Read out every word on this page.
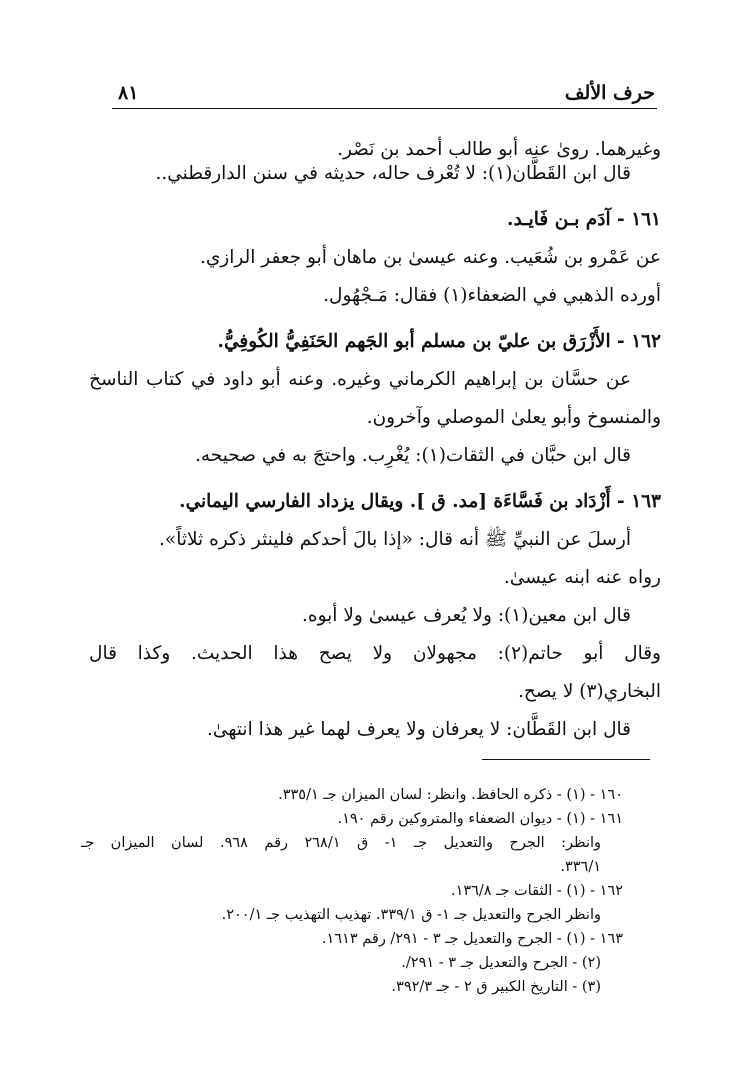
حرف الألف
٨١
وغيرهما. روىٰ عنه أبو طالب أحمد بن نَصْر.
قال ابن القَطَّان(١): لا تُعْرف حاله، حديثه في سنن الدارقطني..
١٦١ - آدَم بـن فَايـد.
عن عَمْرو بن شُعَيب. وعنه عيسىٰ بن ماهان أبو جعفر الرازي.
أورده الذهبي في الضعفاء(١) فقال: مَـجْهُول.
١٦٢ - الأَزْرَق بن عليّ بن مسلم أبو الجَهم الحَنَفِيُّ الكُوفِيُّ.
عن حسَّان بن إبراهيم الكرماني وغيره. وعنه أبو داود في كتاب الناسخ
والمنسوخ وأبو يعلىٰ الموصلي وآخرون.
قال ابن حبَّان في الثقات(١): يُغْرِب. واحتجَ به في صحيحه.
١٦٣ - أَزْدَاد بن فَسَّاءَة [مد. ق ]. ويقال يزداد الفارسي اليماني.
أرسلَ عن النبيِّ ﷺ أنه قال: «إذا بالَ أحدكم فلينثر ذكره ثلاثاً».
رواه عنه ابنه عيسىٰ.
قال ابن معين(١): ولا يُعرف عيسىٰ ولا أبوه.
وقال أبو حاتم(٢): مجهولان ولا يصح هذا الحديث. وكذا قال
البخاري(٣) لا يصح.
قال ابن القَطَّان: لا يعرفان ولا يعرف لهما غير هذا انتهىٰ.
١٦٠ - (١) - ذكره الحافظ. وانظر: لسان الميزان جـ ٣٣٥/١.
١٦١ - (١) - ديوان الضعفاء والمتروكين رقم ١٩٠.
وانظر: الجرح والتعديل جـ ١- ق ٢٦٨/١ رقم ٩٦٨. لسان الميزان جـ
٣٣٦/١.
١٦٢ - (١) - الثقات جـ ١٣٦/٨.
وانظر الجرح والتعديل جـ ١- ق ٣٣٩/١. تهذيب التهذيب جـ ٢٠٠/١.
١٦٣ - (١) - الجرح والتعديل جـ ٣ - ٢٩١/ رقم ١٦١٣.
(٢) - الجرح والتعديل جـ ٣ - ٢٩١/.
(٣) - التاريخ الكبير ق ٢ - جـ ٣٩٢/٣.
